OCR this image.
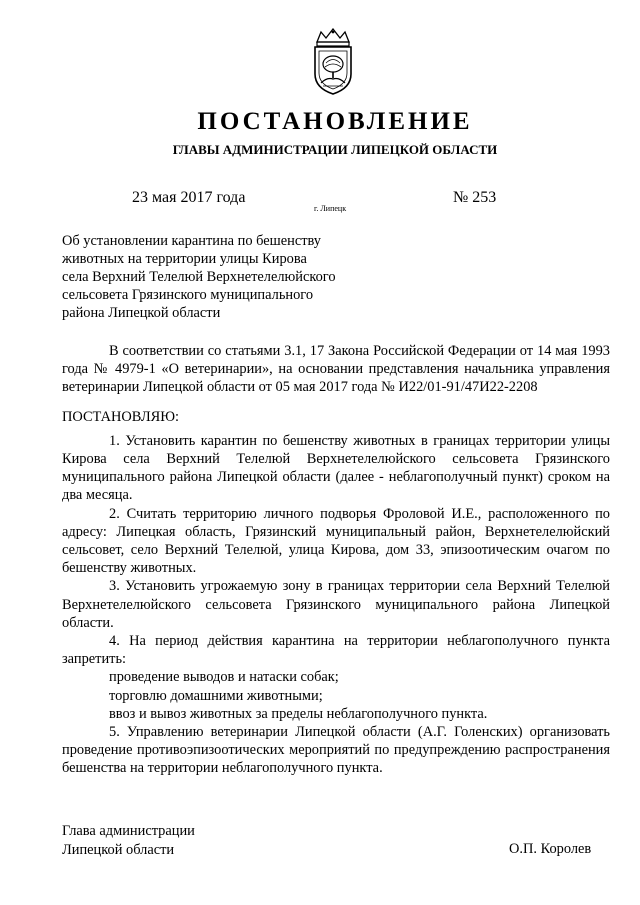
ПОСТАНОВЛЕНИЕ
ГЛАВЫ АДМИНИСТРАЦИИ ЛИПЕЦКОЙ ОБЛАСТИ
23 мая 2017 года
г. Липецк
№ 253
Об установлении карантина по бешенству
животных на территории улицы Кирова
села Верхний Телелюй Верхнетелелюйского
сельсовета Грязинского муниципального
района Липецкой области

В соответствии со статьями 3.1, 17 Закона Российской Федерации от 14 мая 1993 года № 4979-1 «О ветеринарии», на основании представления начальника управления ветеринарии Липецкой области от 05 мая 2017 года № И22/01-91/47И22-2208

ПОСТАНОВЛЯЮ:

1. Установить карантин по бешенству животных в границах территории улицы Кирова села Верхний Телелюй Верхнетелелюйского сельсовета Грязинского муниципального района Липецкой области (далее - неблагополучный пункт) сроком на два месяца.

2. Считать территорию личного подворья Фроловой И.Е., расположенного по адресу: Липецкая область, Грязинский муниципальный район, Верхнетелелюйский сельсовет, село Верхний Телелюй, улица Кирова, дом 33, эпизоотическим очагом по бешенству животных.

3. Установить угрожаемую зону в границах территории села Верхний Телелюй Верхнетелелюйского сельсовета Грязинского муниципального района Липецкой области.

4. На период действия карантина на территории неблагополучного пункта запретить:

проведение выводов и натаски собак;

торговлю домашними животными;

ввоз и вывоз животных за пределы неблагополучного пункта.

5. Управлению ветеринарии Липецкой области (А.Г. Голенских) организовать проведение противоэпизоотических мероприятий по предупреждению распространения бешенства на территории неблагополучного пункта.

Глава администрации
Липецкой области	О.П. Королев
